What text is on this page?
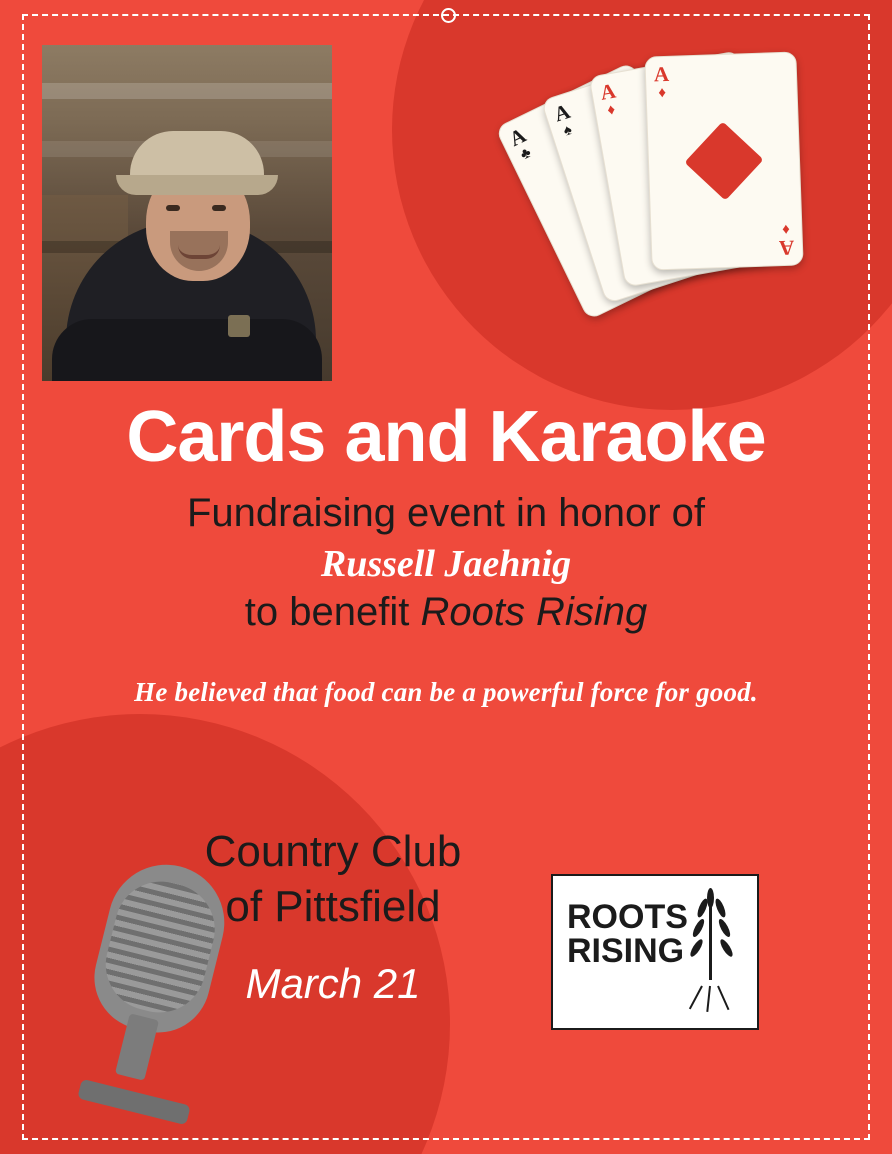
A
♣
A
♠
A
♦
A
♦
A
♦
Cards and Karaoke
Fundraising event in honor of
Russell Jaehnig
to benefit Roots Rising
He believed that food can be a powerful force for good.
Country Club
of Pittsfield
March 21
ROOTS
RISING
